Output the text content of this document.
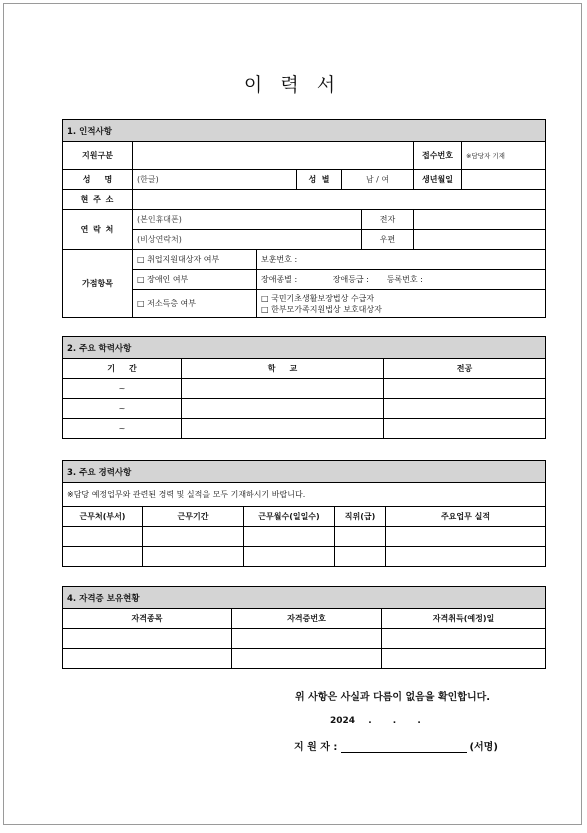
이 력 서
1. 인적사항							
지원구분						접수번호	※담당자 기재
성     명	(한글)		성  별	남 / 여		생년월일	
현 주 소							
연 락 처	(본인휴대폰)				전자		
	(비상연락처)				우편		
가점항목	□ 취업지원대상자 여부	보훈번호 :					
	□ 장애인 여부	장애종별 :              장애등급 :       등록번호 :					
	□ 저소득층 여부	□ 국민기초생활보장법상 수급자
□ 한부모가족지원법상 보호대상자					
2. 주요 학력사항		
기     간	학     교	전공
~		
~		
~		
3. 주요 경력사항				
※담당 예정업무와 관련된 경력 및 실적을 모두 기재하시기 바랍니다.				
근무처(부서)	근무기간	근무월수(일일수)	직위(급)	주요업무 실적

4. 자격증 보유현황		
자격종목	자격증번호	자격취득(예정)일

위 사항은 사실과 다름이 없음을 확인합니다.

2024 . . .
지 원 자 :	(서명)
